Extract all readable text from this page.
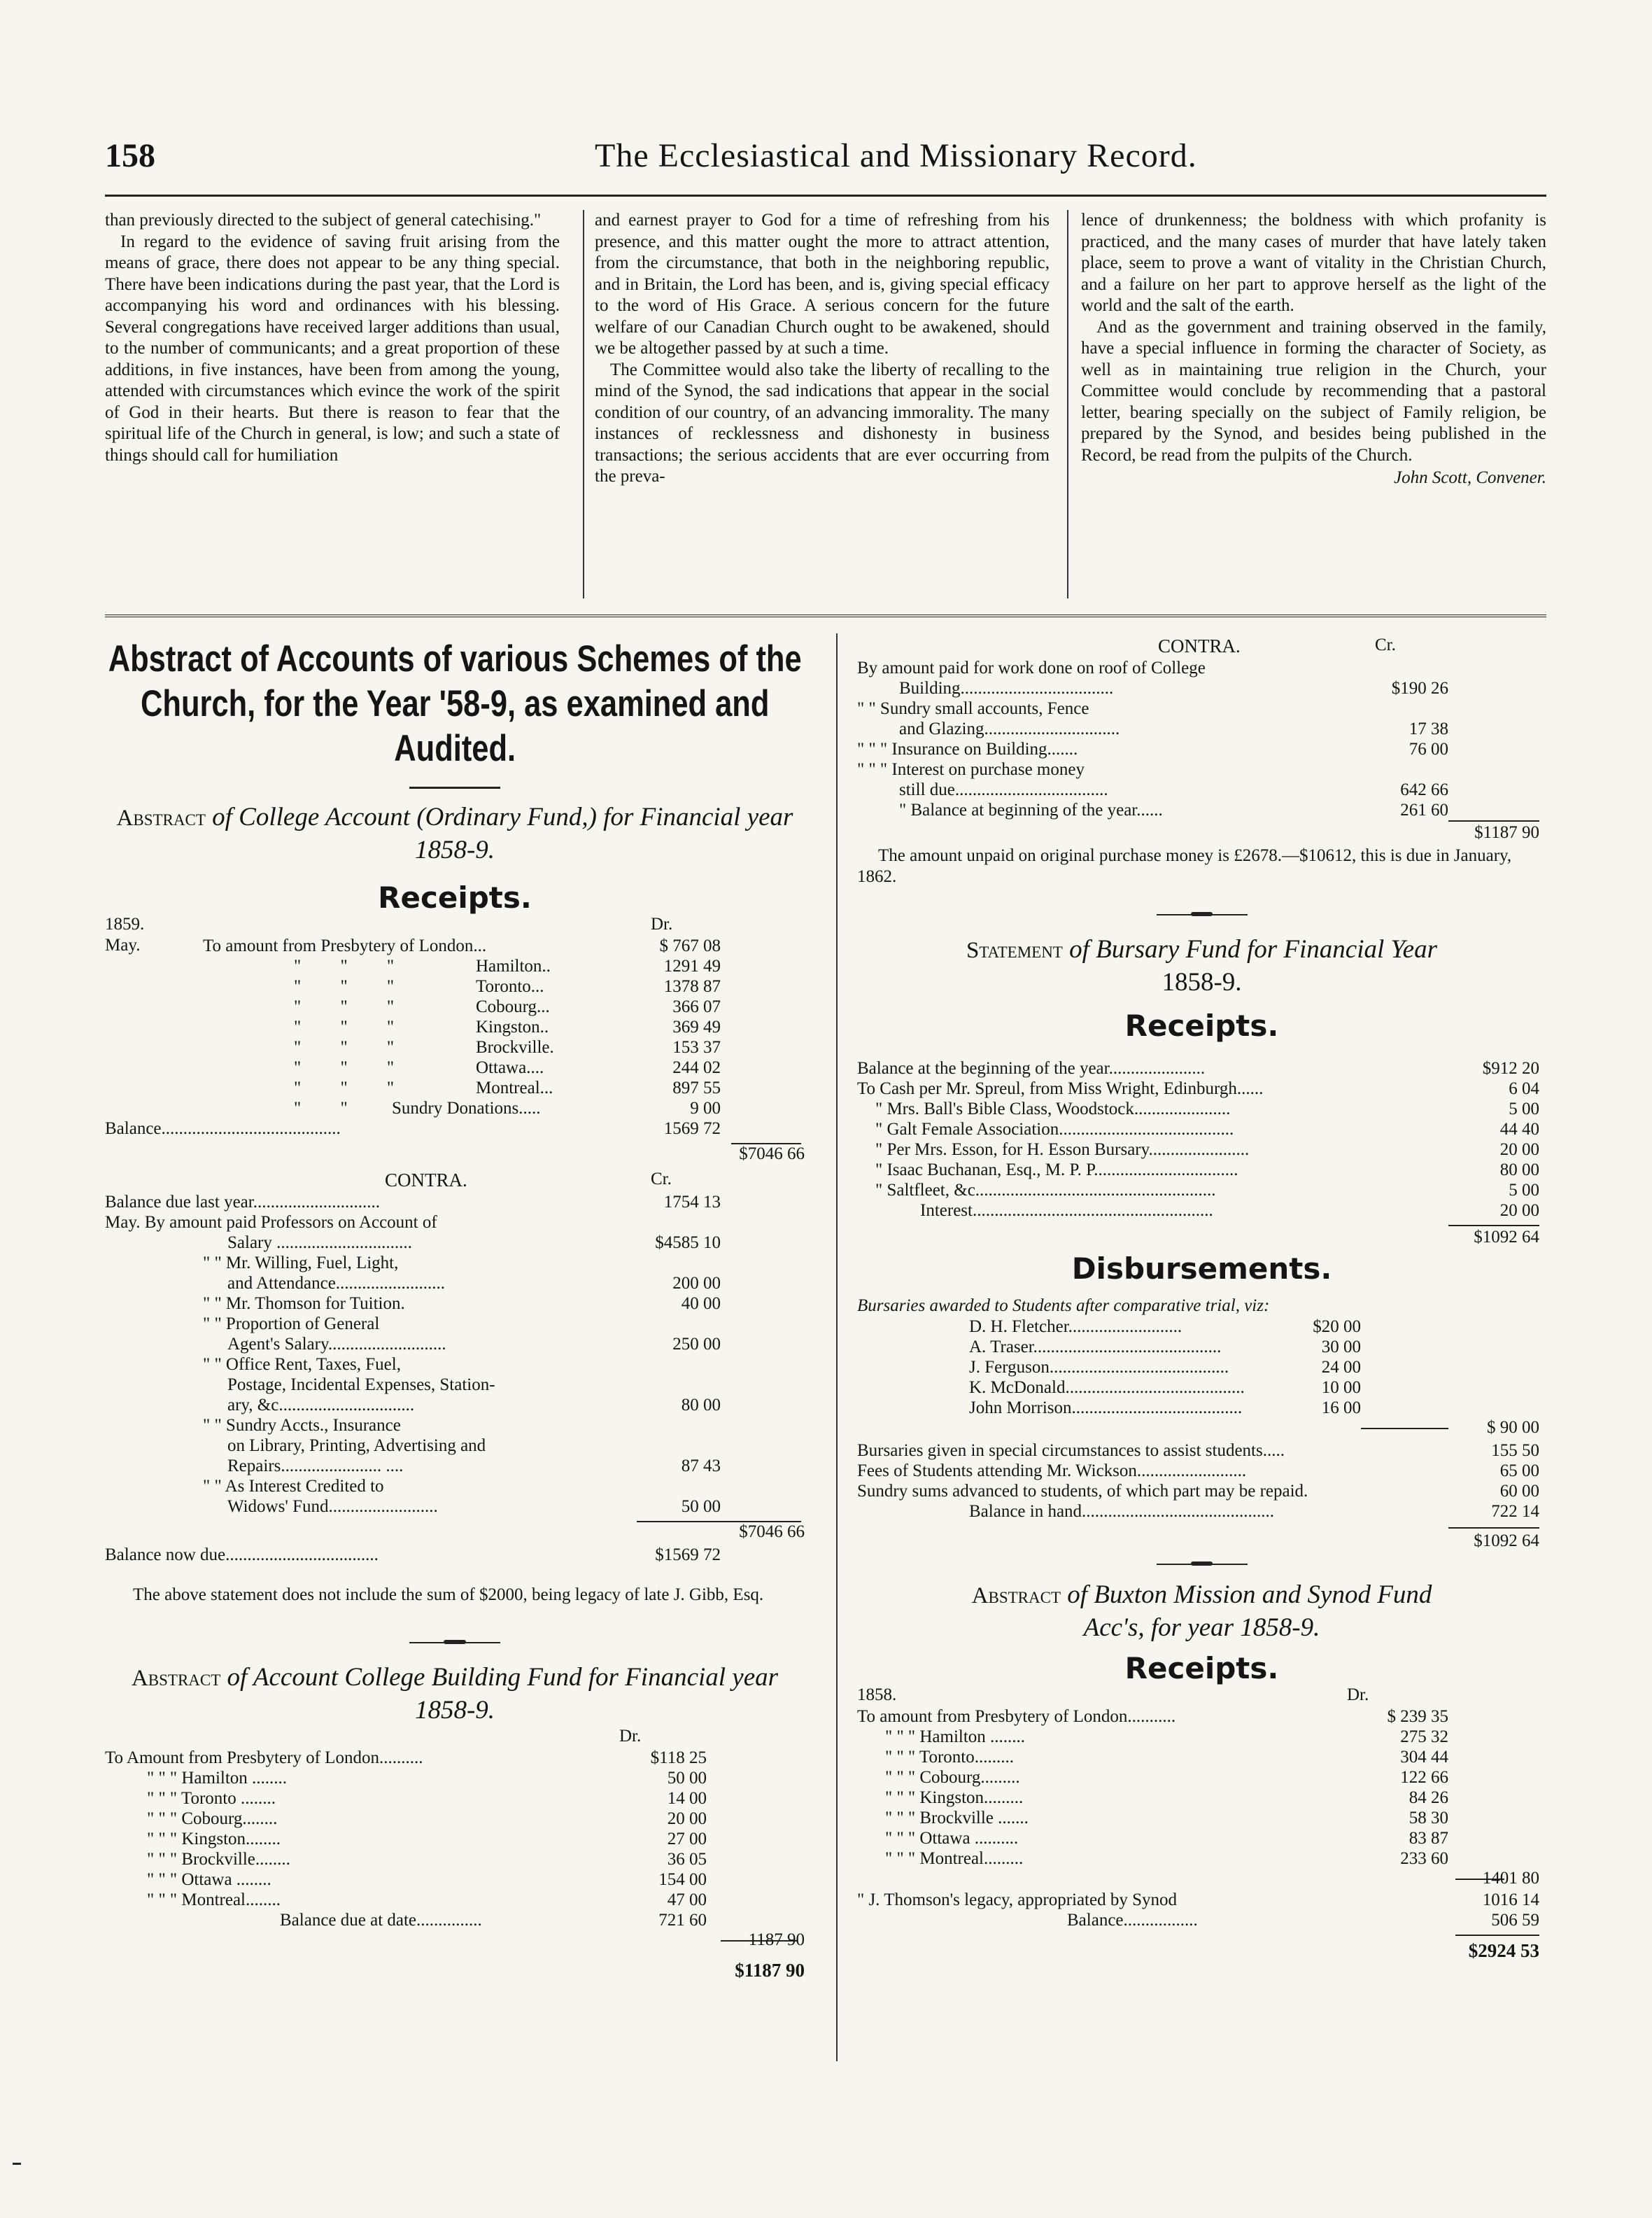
158	The Ecclesiastical and Missionary Record.

than previously directed to the subject of general catechising."

In regard to the evidence of saving fruit arising from the means of grace, there does not appear to be any thing special. There have been indications during the past year, that the Lord is accompanying his word and ordinances with his blessing. Several congregations have received larger additions than usual, to the number of communicants; and a great proportion of these additions, in five instances, have been from among the young, attended with circumstances which evince the work of the spirit of God in their hearts. But there is reason to fear that the spiritual life of the Church in general, is low; and such a state of things should call for humiliation

and earnest prayer to God for a time of refreshing from his presence, and this matter ought the more to attract attention, from the circumstance, that both in the neighboring republic, and in Britain, the Lord has been, and is, giving special efficacy to the word of His Grace. A serious concern for the future welfare of our Canadian Church ought to be awakened, should we be altogether passed by at such a time.

The Committee would also take the liberty of recalling to the mind of the Synod, the sad indications that appear in the social condition of our country, of an advancing immorality. The many instances of recklessness and dishonesty in business transactions; the serious accidents that are ever occurring from the preva-

lence of drunkenness; the boldness with which profanity is practiced, and the many cases of murder that have lately taken place, seem to prove a want of vitality in the Christian Church, and a failure on her part to approve herself as the light of the world and the salt of the earth.

And as the government and training observed in the family, have a special influence in forming the character of Society, as well as in maintaining true religion in the Church, your Committee would conclude by recommending that a pastoral letter, bearing specially on the subject of Family religion, be prepared by the Synod, and besides being published in the Record, be read from the pulpits of the Church.

John Scott, Convener.
Abstract of Accounts of various Schemes of the Church, for the Year '58-9, as examined and Audited.
Abstract of College Account (Ordinary Fund,) for Financial year 1858-9.
Receipts.
1859.	Dr.
May.	To amount from Presbytery of London...	$ 767 08
"         "         "	Hamilton..	1291 49
"         "         "	Toronto...	1378 87
"         "         "	Cobourg...	366 07
"         "         "	Kingston..	369 49
"         "         "	Brockville.	153 37
"         "         "	Ottawa....	244 02
"         "         "	Montreal...	897 55
"         "	Sundry Donations.....	9 00
Balance.........................................	1569 72
$7046 66
CONTRA.	Cr.
Balance due last year.............................	1754 13
May. By amount paid Professors on Account of
Salary ...............................	$4585 10
" " Mr. Willing, Fuel, Light,
and Attendance.........................	200 00
" " Mr. Thomson for Tuition.	40 00
" " Proportion of General
Agent's Salary...........................	250 00
" " Office Rent, Taxes, Fuel,
Postage, Incidental Expenses, Station-
ary, &c...............................	80 00
" " Sundry Accts., Insurance
on Library, Printing, Advertising and
Repairs....................... ....	87 43
" " As Interest Credited to
Widows' Fund.........................	50 00
$7046 66
Balance now due...................................	$1569 72
The above statement does not include the sum of $2000, being legacy of late J. Gibb, Esq.
Abstract of Account College Building Fund for Financial year 1858-9.
Dr.
To Amount from Presbytery of London..........	$118 25
" " " Hamilton ........	50 00
" " " Toronto ........	14 00
" " " Cobourg........	20 00
" " " Kingston........	27 00
" " " Brockville........	36 05
" " " Ottawa ........	154 00
" " " Montreal........	47 00
Balance due at date...............	721 60
1187 90
$1187 90
CONTRA.	Cr.
By amount paid for work done on roof of College
Building...................................	$190 26
" " Sundry small accounts, Fence
and Glazing...............................	17 38
" " " Insurance on Building.......	76 00
" " " Interest on purchase money
still due...................................	642 66
" Balance at beginning of the year......	261 60
$1187 90
The amount unpaid on original purchase money is £2678.—$10612, this is due in January, 1862.
Statement of Bursary Fund for Financial Year
1858-9.
Receipts.
Balance at the beginning of the year......................	$912 20
To Cash per Mr. Spreul, from Miss Wright, Edinburgh......	6 04
" Mrs. Ball's Bible Class, Woodstock......................	5 00
" Galt Female Association........................................	44 40
" Per Mrs. Esson, for H. Esson Bursary.......................	20 00
" Isaac Buchanan, Esq., M. P. P.................................	80 00
" Saltfleet, &c.......................................................	5 00
Interest.......................................................	20 00
$1092 64
Disbursements.
Bursaries awarded to Students after comparative trial, viz:
D. H. Fletcher..........................	$20 00
A. Traser...........................................	30 00
J. Ferguson.........................................	24 00
K. McDonald.........................................	10 00
John Morrison.......................................	16 00
$ 90 00
Bursaries given in special circumstances to assist students.....	155 50
Fees of Students attending Mr. Wickson.........................	65 00
Sundry sums advanced to students, of which part may be repaid.	60 00
Balance in hand............................................	722 14
$1092 64
Abstract of Buxton Mission and Synod Fund
Acc's, for year 1858-9.
Receipts.
1858.	Dr.
To amount from Presbytery of London...........	$ 239 35
" " " Hamilton ........	275 32
" " " Toronto.........	304 44
" " " Cobourg.........	122 66
" " " Kingston.........	84 26
" " " Brockville .......	58 30
" " " Ottawa ..........	83 87
" " " Montreal.........	233 60
1401 80
" J. Thomson's legacy, appropriated by Synod	1016 14
Balance.................	506 59
$2924 53
